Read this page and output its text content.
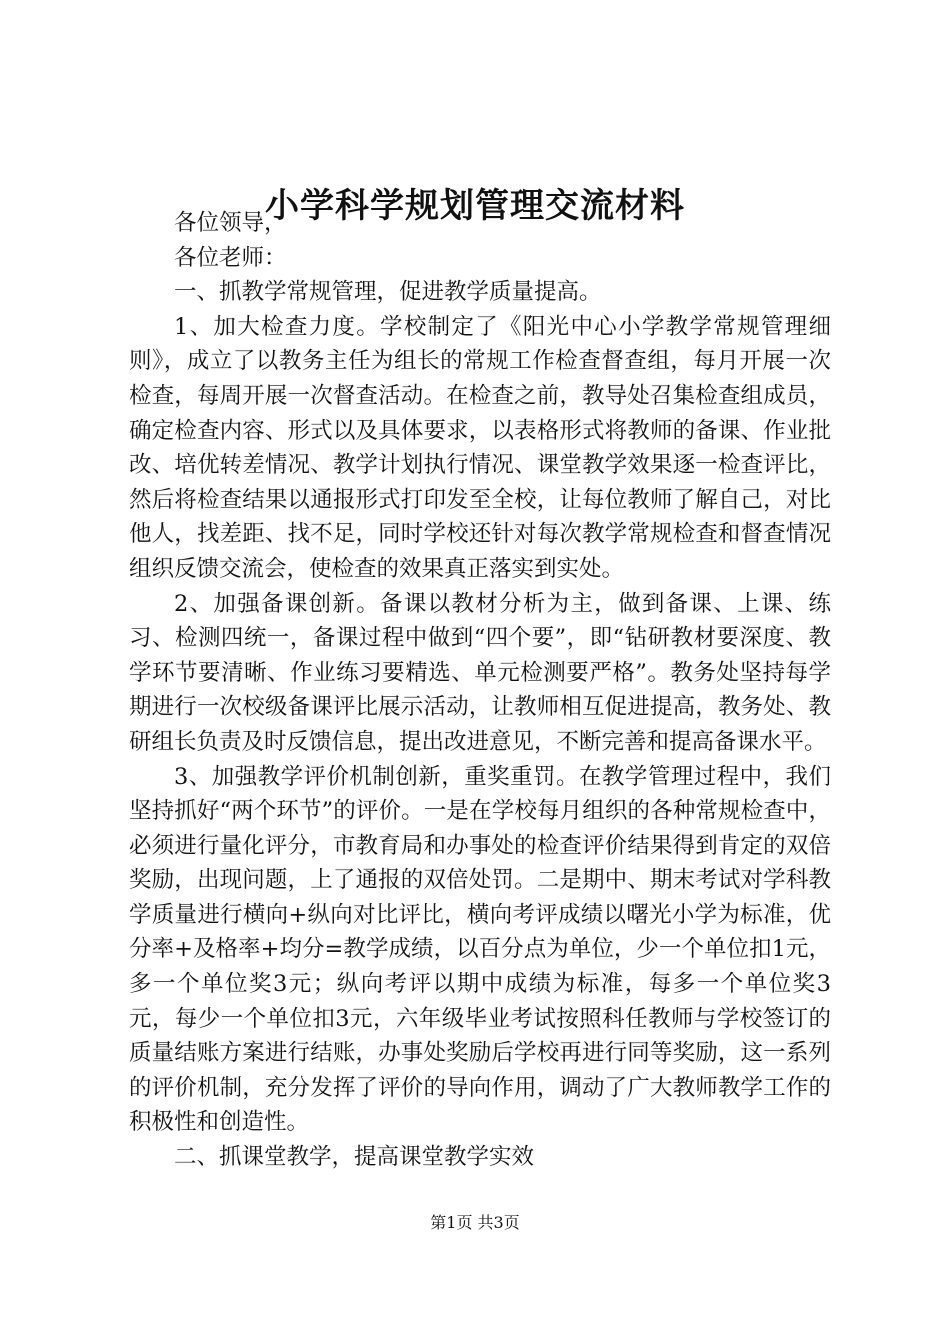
小学科学规划管理交流材料

各位领导，

各位老师：

一、抓教学常规管理，促进教学质量提高。

1、加大检查力度。学校制定了《阳光中心小学教学常规管理细则》，成立了以教务主任为组长的常规工作检查督查组，每月开展一次检查，每周开展一次督查活动。在检查之前，教导处召集检查组成员，确定检查内容、形式以及具体要求，以表格形式将教师的备课、作业批改、培优转差情况、教学计划执行情况、课堂教学效果逐一检查评比，然后将检查结果以通报形式打印发至全校，让每位教师了解自己，对比他人，找差距、找不足，同时学校还针对每次教学常规检查和督查情况组织反馈交流会，使检查的效果真正落实到实处。

2、加强备课创新。备课以教材分析为主，做到备课、上课、练习、检测四统一，备课过程中做到“四个要”，即“钻研教材要深度、教学环节要清晰、作业练习要精选、单元检测要严格”。教务处坚持每学期进行一次校级备课评比展示活动，让教师相互促进提高，教务处、教研组长负责及时反馈信息，提出改进意见，不断完善和提高备课水平。

3、加强教学评价机制创新，重奖重罚。在教学管理过程中，我们坚持抓好“两个环节”的评价。一是在学校每月组织的各种常规检查中，必须进行量化评分，市教育局和办事处的检查评价结果得到肯定的双倍奖励，出现问题，上了通报的双倍处罚。二是期中、期末考试对学科教学质量进行横向+纵向对比评比，横向考评成绩以曙光小学为标准，优分率+及格率+均分=教学成绩，以百分点为单位，少一个单位扣1元，多一个单位奖3元；纵向考评以期中成绩为标准，每多一个单位奖3元，每少一个单位扣3元，六年级毕业考试按照科任教师与学校签订的质量结账方案进行结账，办事处奖励后学校再进行同等奖励，这一系列的评价机制，充分发挥了评价的导向作用，调动了广大教师教学工作的积极性和创造性。

二、抓课堂教学，提高课堂教学实效

第1页 共3页
